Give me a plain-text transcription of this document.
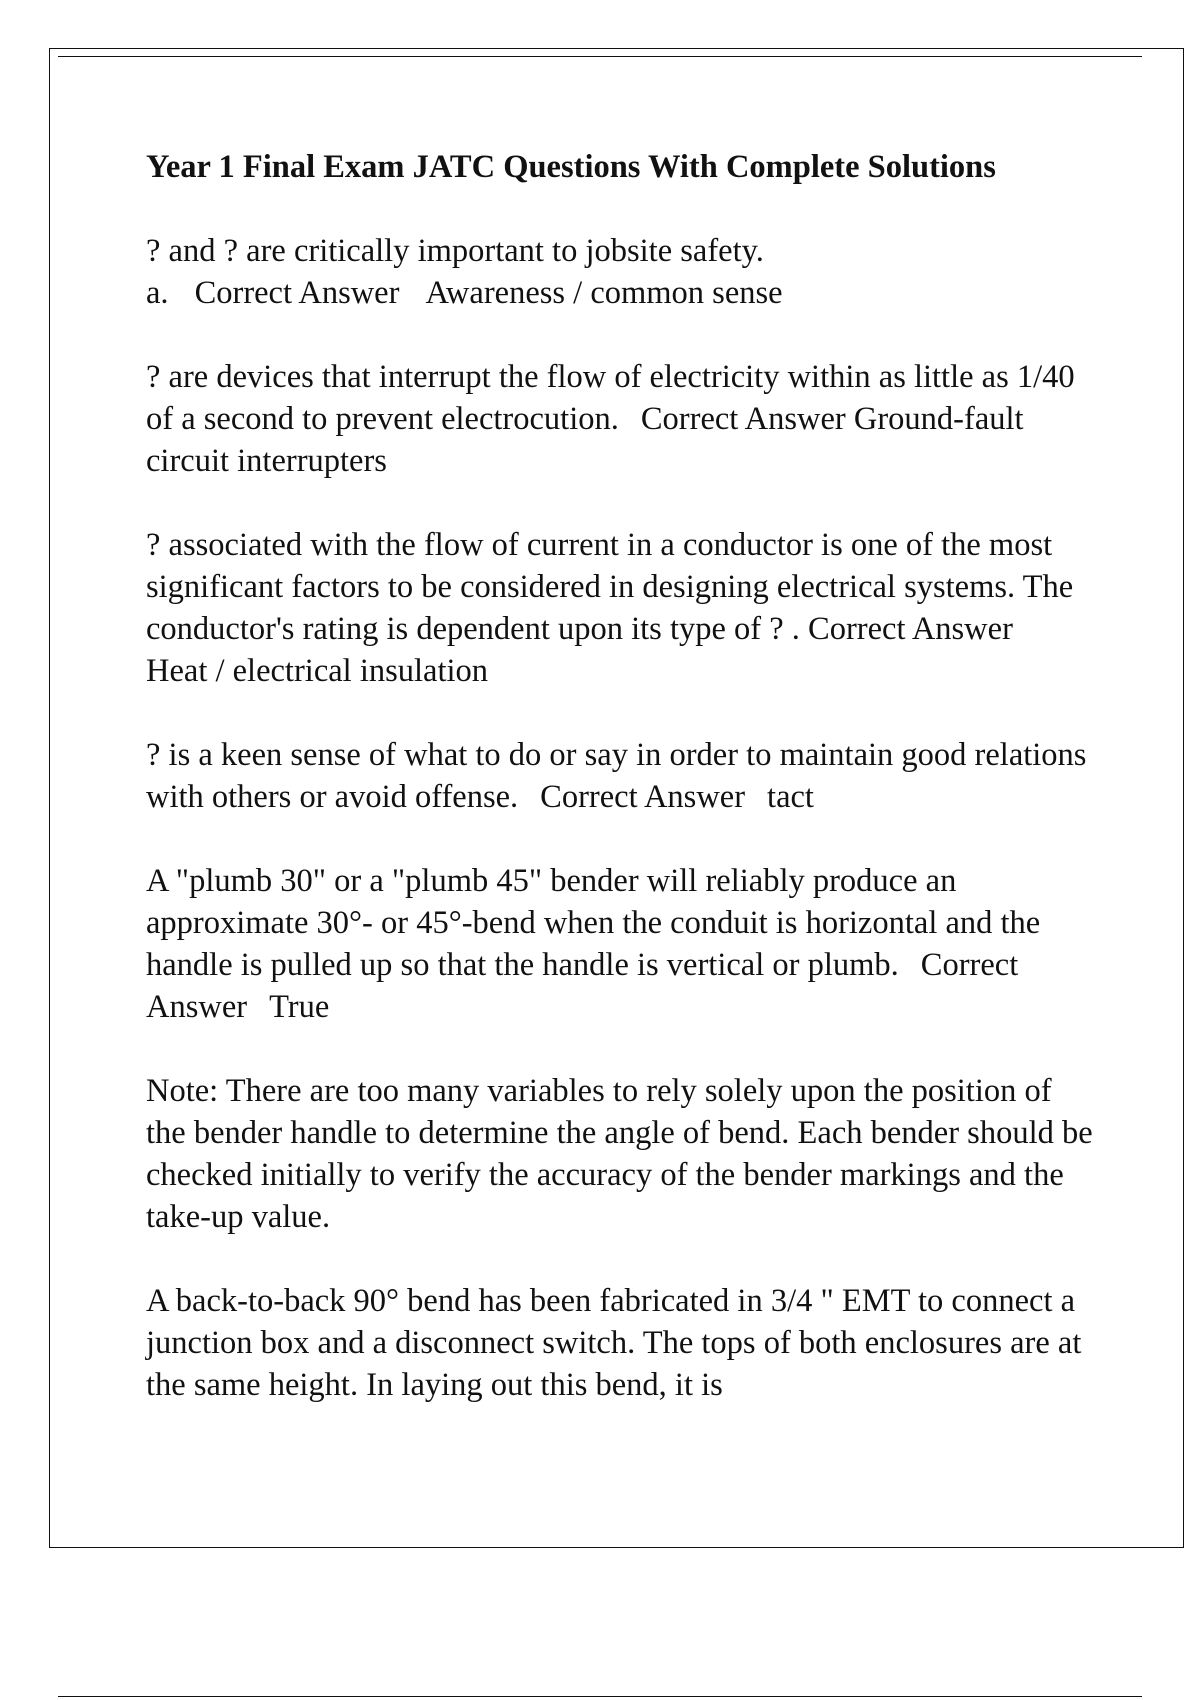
Year 1 Final Exam JATC Questions With Complete Solutions

? and ? are critically important to jobsite safety.

a. Correct Answer Awareness / common sense

? are devices that interrupt the flow of electricity within as little as 1/40 of a second to prevent electrocution. Correct Answer Ground-fault circuit interrupters

? associated with the flow of current in a conductor is one of the most significant factors to be considered in designing electrical systems. The conductor's rating is dependent upon its type of ? . Correct AnswerHeat / electrical insulation

? is a keen sense of what to do or say in order to maintain good relations with others or avoid offense. Correct Answer tact

A "plumb 30" or a "plumb 45" bender will reliably produce an approximate 30°- or 45°-bend when the conduit is horizontal and the handle is pulled up so that the handle is vertical or plumb. Correct Answer True

Note: There are too many variables to rely solely upon the position of the bender handle to determine the angle of bend. Each bender should be checked initially to verify the accuracy of the bender markings and the take-up value.

A back-to-back 90° bend has been fabricated in 3/4 " EMT to connect a junction box and a disconnect switch. The tops of both enclosures are at the same height. In laying out this bend, it is
